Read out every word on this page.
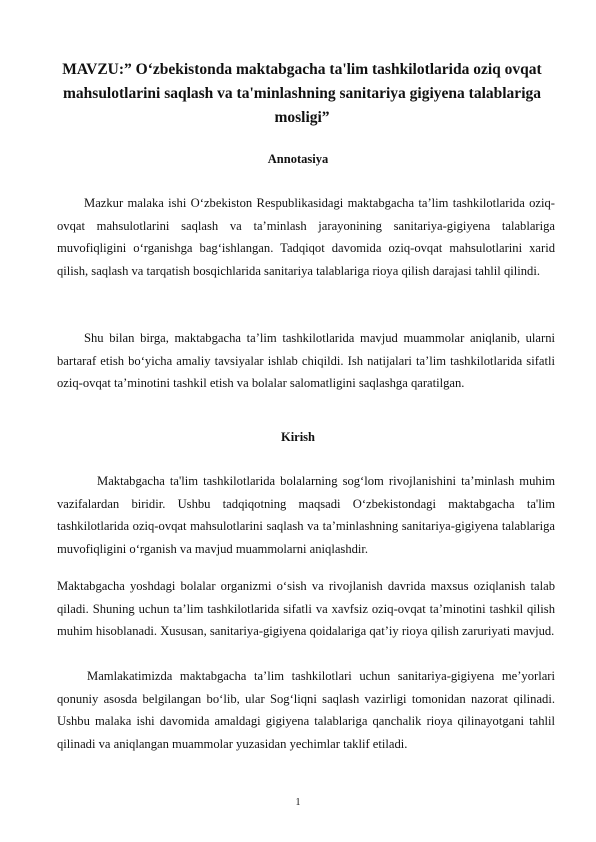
MAVZU:” O‘zbekistonda maktabgacha ta'lim tashkilotlarida oziq ovqat mahsulotlarini saqlash va ta'minlashning sanitariya gigiyena talablariga mosligi”
Annotasiya

Mazkur malaka ishi O‘zbekiston Respublikasidagi maktabgacha ta’lim tashkilotlarida oziq-ovqat mahsulotlarini saqlash va ta’minlash jarayonining sanitariya-gigiyena talablariga muvofiqligini o‘rganishga bag‘ishlangan. Tadqiqot davomida oziq-ovqat mahsulotlarini xarid qilish, saqlash va tarqatish bosqichlarida sanitariya talablariga rioya qilish darajasi tahlil qilindi.

Shu bilan birga, maktabgacha ta’lim tashkilotlarida mavjud muammolar aniqlanib, ularni bartaraf etish bo‘yicha amaliy tavsiyalar ishlab chiqildi. Ish natijalari ta’lim tashkilotlarida sifatli oziq-ovqat ta’minotini tashkil etish va bolalar salomatligini saqlashga qaratilgan.

Kirish

Maktabgacha ta'lim tashkilotlarida bolalarning sog‘lom rivojlanishini ta’minlash muhim vazifalardan biridir. Ushbu tadqiqotning maqsadi O‘zbekistondagi maktabgacha ta'lim tashkilotlarida oziq-ovqat mahsulotlarini saqlash va ta’minlashning sanitariya-gigiyena talablariga muvofiqligini o‘rganish va mavjud muammolarni aniqlashdir.

Maktabgacha yoshdagi bolalar organizmi o‘sish va rivojlanish davrida maxsus oziqlanish talab qiladi. Shuning uchun ta’lim tashkilotlarida sifatli va xavfsiz oziq-ovqat ta’minotini tashkil qilish muhim hisoblanadi. Xususan, sanitariya-gigiyena qoidalariga qat’iy rioya qilish zaruriyati mavjud.

Mamlakatimizda maktabgacha ta’lim tashkilotlari uchun sanitariya-gigiyena me’yorlari qonuniy asosda belgilangan bo‘lib, ular Sog‘liqni saqlash vazirligi tomonidan nazorat qilinadi. Ushbu malaka ishi davomida amaldagi gigiyena talablariga qanchalik rioya qilinayotgani tahlil qilinadi va aniqlangan muammolar yuzasidan yechimlar taklif etiladi.

1
